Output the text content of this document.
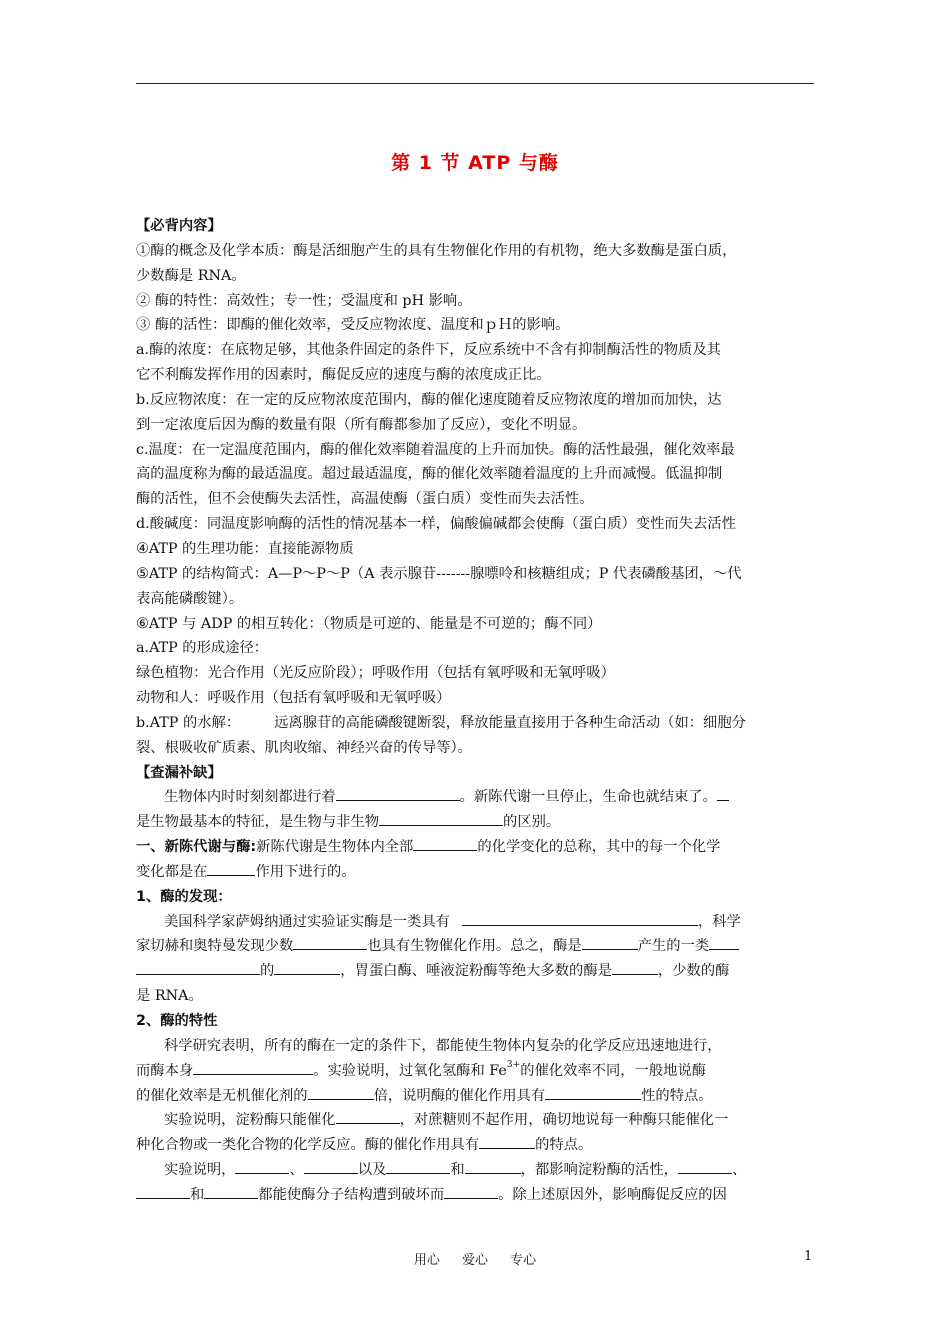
第 1 节 ATP 与酶
【必背内容】
①酶的概念及化学本质：酶是活细胞产生的具有生物催化作用的有机物，绝大多数酶是蛋白质，
少数酶是 RNA。
② 酶的特性：高效性；专一性；受温度和 pH 影响。
③ 酶的活性：即酶的催化效率，受反应物浓度、温度和ｐＨ的影响。
a.酶的浓度：在底物足够，其他条件固定的条件下，反应系统中不含有抑制酶活性的物质及其
它不利酶发挥作用的因素时，酶促反应的速度与酶的浓度成正比。
b.反应物浓度：在一定的反应物浓度范围内，酶的催化速度随着反应物浓度的增加而加快，达
到一定浓度后因为酶的数量有限（所有酶都参加了反应），变化不明显。
c.温度：在一定温度范围内，酶的催化效率随着温度的上升而加快。酶的活性最强，催化效率最
高的温度称为酶的最适温度。超过最适温度，酶的催化效率随着温度的上升而减慢。低温抑制
酶的活性，但不会使酶失去活性，高温使酶（蛋白质）变性而失去活性。
d.酸碱度：同温度影响酶的活性的情况基本一样，偏酸偏碱都会使酶（蛋白质）变性而失去活性
④ATP 的生理功能：直接能源物质
⑤ATP 的结构简式：A—P～P～P（A 表示腺苷-------腺嘌呤和核糖组成；P 代表磷酸基团，～代
表高能磷酸键）。
⑥ATP 与 ADP 的相互转化：（物质是可逆的、能量是不可逆的；酶不同）
a.ATP 的形成途径：
绿色植物：光合作用（光反应阶段）；呼吸作用（包括有氧呼吸和无氧呼吸）
动物和人：呼吸作用（包括有氧呼吸和无氧呼吸）
b.ATP 的水解： 远离腺苷的高能磷酸键断裂，释放能量直接用于各种生命活动（如：细胞分
裂、根吸收矿质素、肌肉收缩、神经兴奋的传导等）。
【查漏补缺】
生物体内时时刻刻都进行着	。新陈代谢一旦停止，生命也就结束了。
是生物最基本的特征，是生物与非生物	的区别。
一、新陈代谢与酶:新陈代谢是生物体内全部	的化学变化的总称，其中的每一个化学
变化都是在	作用下进行的。
1、酶的发现：
美国科学家萨姆纳通过实验证实酶是一类具有	，科学
家切赫和奥特曼发现少数	也具有生物催化作用。总之，酶是	产生的一类
的	，胃蛋白酶、唾液淀粉酶等绝大多数的酶是	，少数的酶
是 RNA。
2、酶的特性
科学研究表明，所有的酶在一定的条件下，都能使生物体内复杂的化学反应迅速地进行，
而酶本身	。实验说明，过氧化氢酶和 $Fe^{3+}$的催化效率不同，一般地说酶
的催化效率是无机催化剂的	倍，说明酶的催化作用具有	性的特点。
实验说明，淀粉酶只能催化	，对蔗糖则不起作用，确切地说每一种酶只能催化一
种化合物或一类化合物的化学反应。酶的催化作用具有	的特点。
实验说明，	、	以及	和	，都影响淀粉酶的活性，	、
和	都能使酶分子结构遭到破坏而	。除上述原因外，影响酶促反应的因
用心 爱心 专心	1
